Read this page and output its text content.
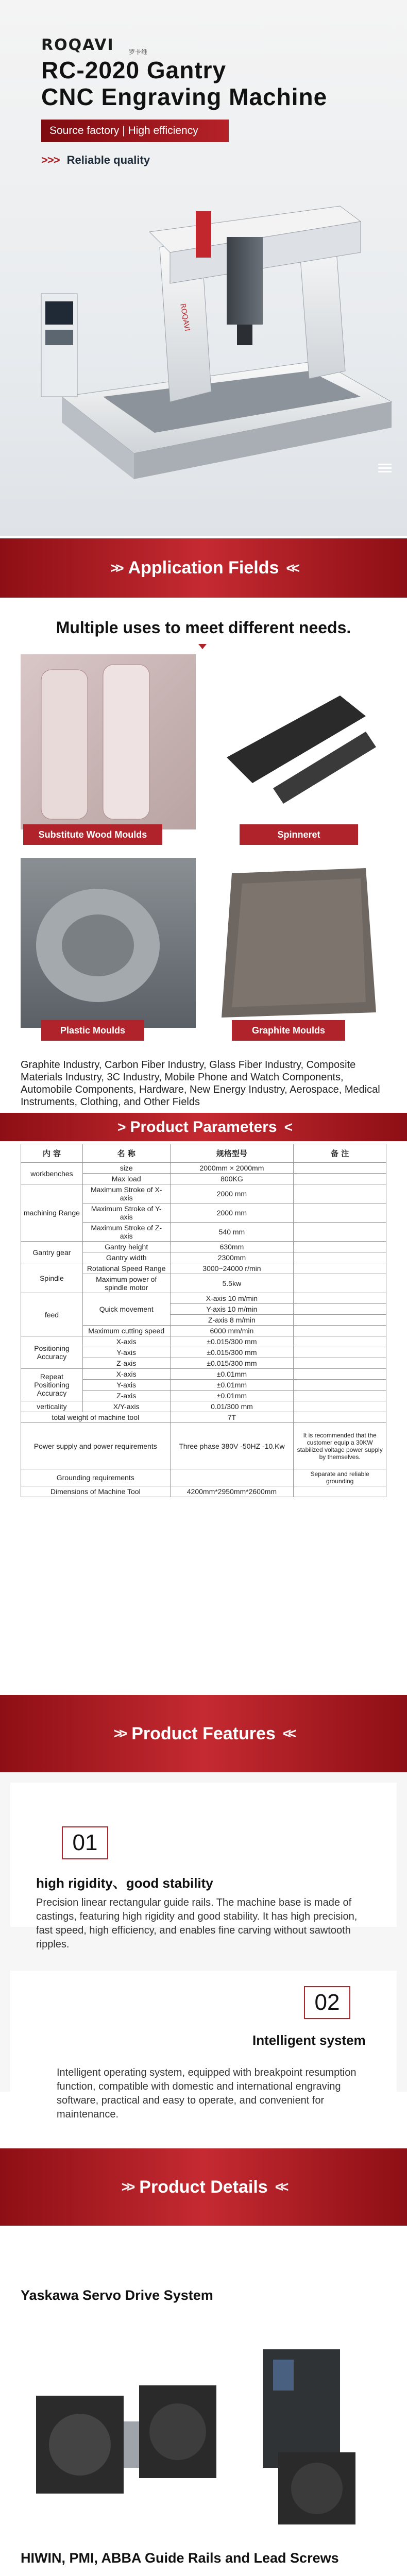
ROQAVI 罗卡维
RC-2020 Gantry
CNC Engraving Machine
Source factory | High efficiency
>>> Reliable quality
ROQAVI
>> Application Fields <<
Multiple uses to meet different needs.
Substitute Wood Moulds	Spinneret
Plastic Moulds	Graphite Moulds
Graphite Industry, Carbon Fiber Industry, Glass Fiber Industry, Composite Materials Industry, 3C Industry, Mobile Phone and Watch Components, Automobile Components, Hardware, New Energy Industry, Aerospace, Medical Instruments, Clothing, and Other Fields
> Product Parameters <
内 容	名 称	规格型号	备 注
workbenches	size	2000mm × 2000mm	
	Max load	800KG	
machining Range	Maximum Stroke of X-axis	2000 mm	
	Maximum Stroke of Y-axis	2000 mm	
	Maximum Stroke of Z-axis	540 mm	
Gantry gear	Gantry height	630mm	
	Gantry width	2300mm	
Spindle	Rotational Speed Range	3000~24000 r/min	
	Maximum power of spindle motor	5.5kw	
feed	Quick movement	X-axis 10 m/min	
		Y-axis 10 m/min	
		Z-axis 8 m/min	
	Maximum cutting speed	6000 mm/min	
Positioning Accuracy	X-axis	±0.015/300 mm	
	Y-axis	±0.015/300 mm	
	Z-axis	±0.015/300 mm	
Repeat Positioning Accuracy	X-axis	±0.01mm	
	Y-axis	±0.01mm	
	Z-axis	±0.01mm	
verticality	X/Y-axis	0.01/300 mm	
total weight of machine tool		7T	
Power supply and power requirements		Three phase 380V -50HZ -10.Kw	It is recommended that the customer equip a 30KW stabilized voltage power supply by themselves.
Grounding requirements			Separate and reliable grounding
Dimensions of Machine Tool		4200mm*2950mm*2600mm	
>> Product Features <<
01
high rigidity、good stability
Precision linear rectangular guide rails. The machine base is made of castings, featuring high rigidity and good stability. It has high precision, fast speed, high efficiency, and enables fine carving without sawtooth ripples.
02
Intelligent system
Intelligent operating system, equipped with breakpoint resumption function, compatible with domestic and international engraving software, practical and easy to operate, and convenient for maintenance.
>> Product Details <<
Yaskawa Servo Drive System
HIWIN, PMI, ABBA Guide Rails and Lead Screws
